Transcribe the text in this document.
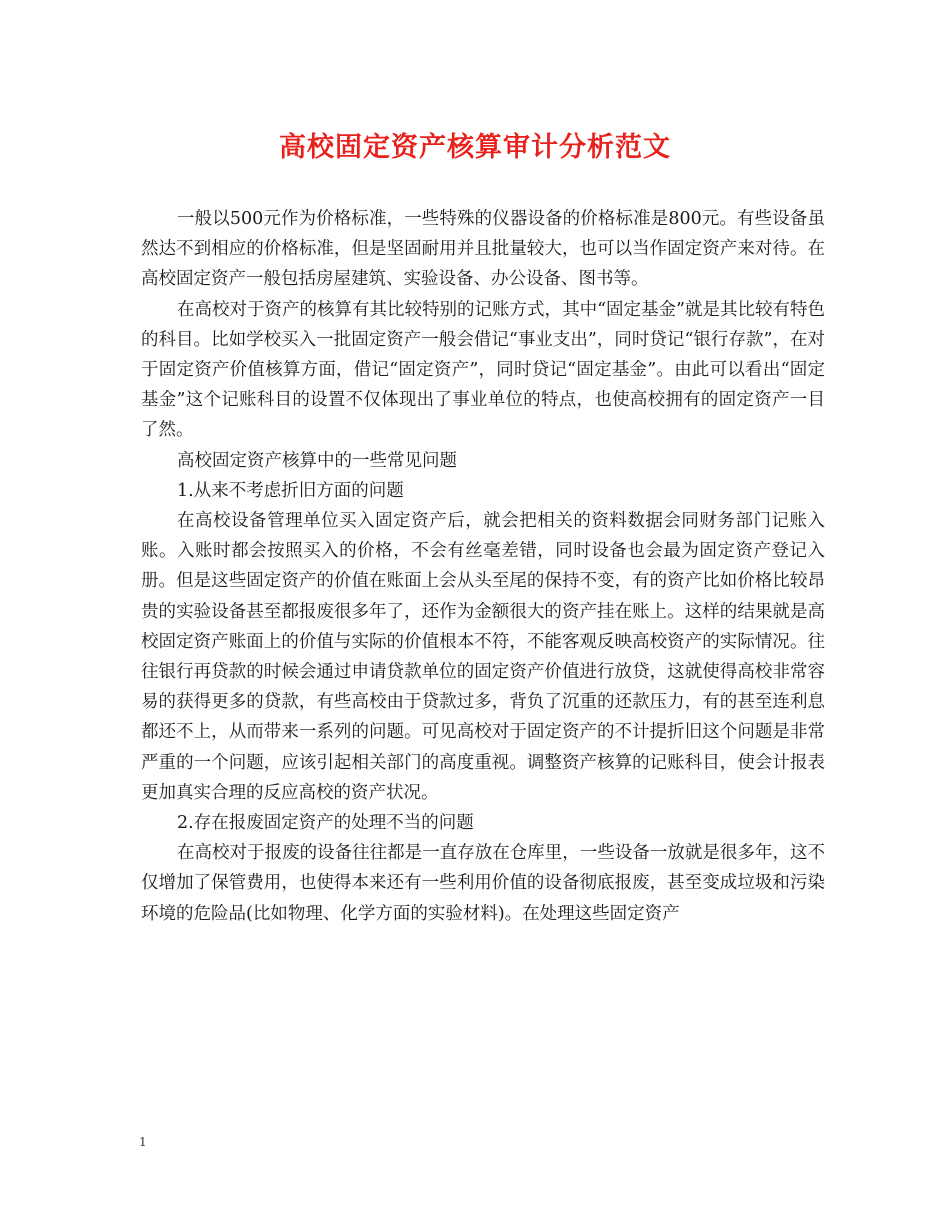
高校固定资产核算审计分析范文

一般以500元作为价格标准，一些特殊的仪器设备的价格标准是800元。有些设备虽然达不到相应的价格标准，但是坚固耐用并且批量较大，也可以当作固定资产来对待。在高校固定资产一般包括房屋建筑、实验设备、办公设备、图书等。

在高校对于资产的核算有其比较特别的记账方式，其中“固定基金”就是其比较有特色的科目。比如学校买入一批固定资产一般会借记“事业支出”，同时贷记“银行存款”，在对于固定资产价值核算方面，借记“固定资产”，同时贷记“固定基金”。由此可以看出“固定基金”这个记账科目的设置不仅体现出了事业单位的特点，也使高校拥有的固定资产一目了然。

高校固定资产核算中的一些常见问题

1.从来不考虑折旧方面的问题

在高校设备管理单位买入固定资产后，就会把相关的资料数据会同财务部门记账入账。入账时都会按照买入的价格，不会有丝毫差错，同时设备也会最为固定资产登记入册。但是这些固定资产的价值在账面上会从头至尾的保持不变，有的资产比如价格比较昂贵的实验设备甚至都报废很多年了，还作为金额很大的资产挂在账上。这样的结果就是高校固定资产账面上的价值与实际的价值根本不符，不能客观反映高校资产的实际情况。往往银行再贷款的时候会通过申请贷款单位的固定资产价值进行放贷，这就使得高校非常容易的获得更多的贷款，有些高校由于贷款过多，背负了沉重的还款压力，有的甚至连利息都还不上，从而带来一系列的问题。可见高校对于固定资产的不计提折旧这个问题是非常严重的一个问题，应该引起相关部门的高度重视。调整资产核算的记账科目，使会计报表更加真实合理的反应高校的资产状况。

2.存在报废固定资产的处理不当的问题

在高校对于报废的设备往往都是一直存放在仓库里，一些设备一放就是很多年，这不仅增加了保管费用，也使得本来还有一些利用价值的设备彻底报废，甚至变成垃圾和污染环境的危险品(比如物理、化学方面的实验材料)。在处理这些固定资产

1
